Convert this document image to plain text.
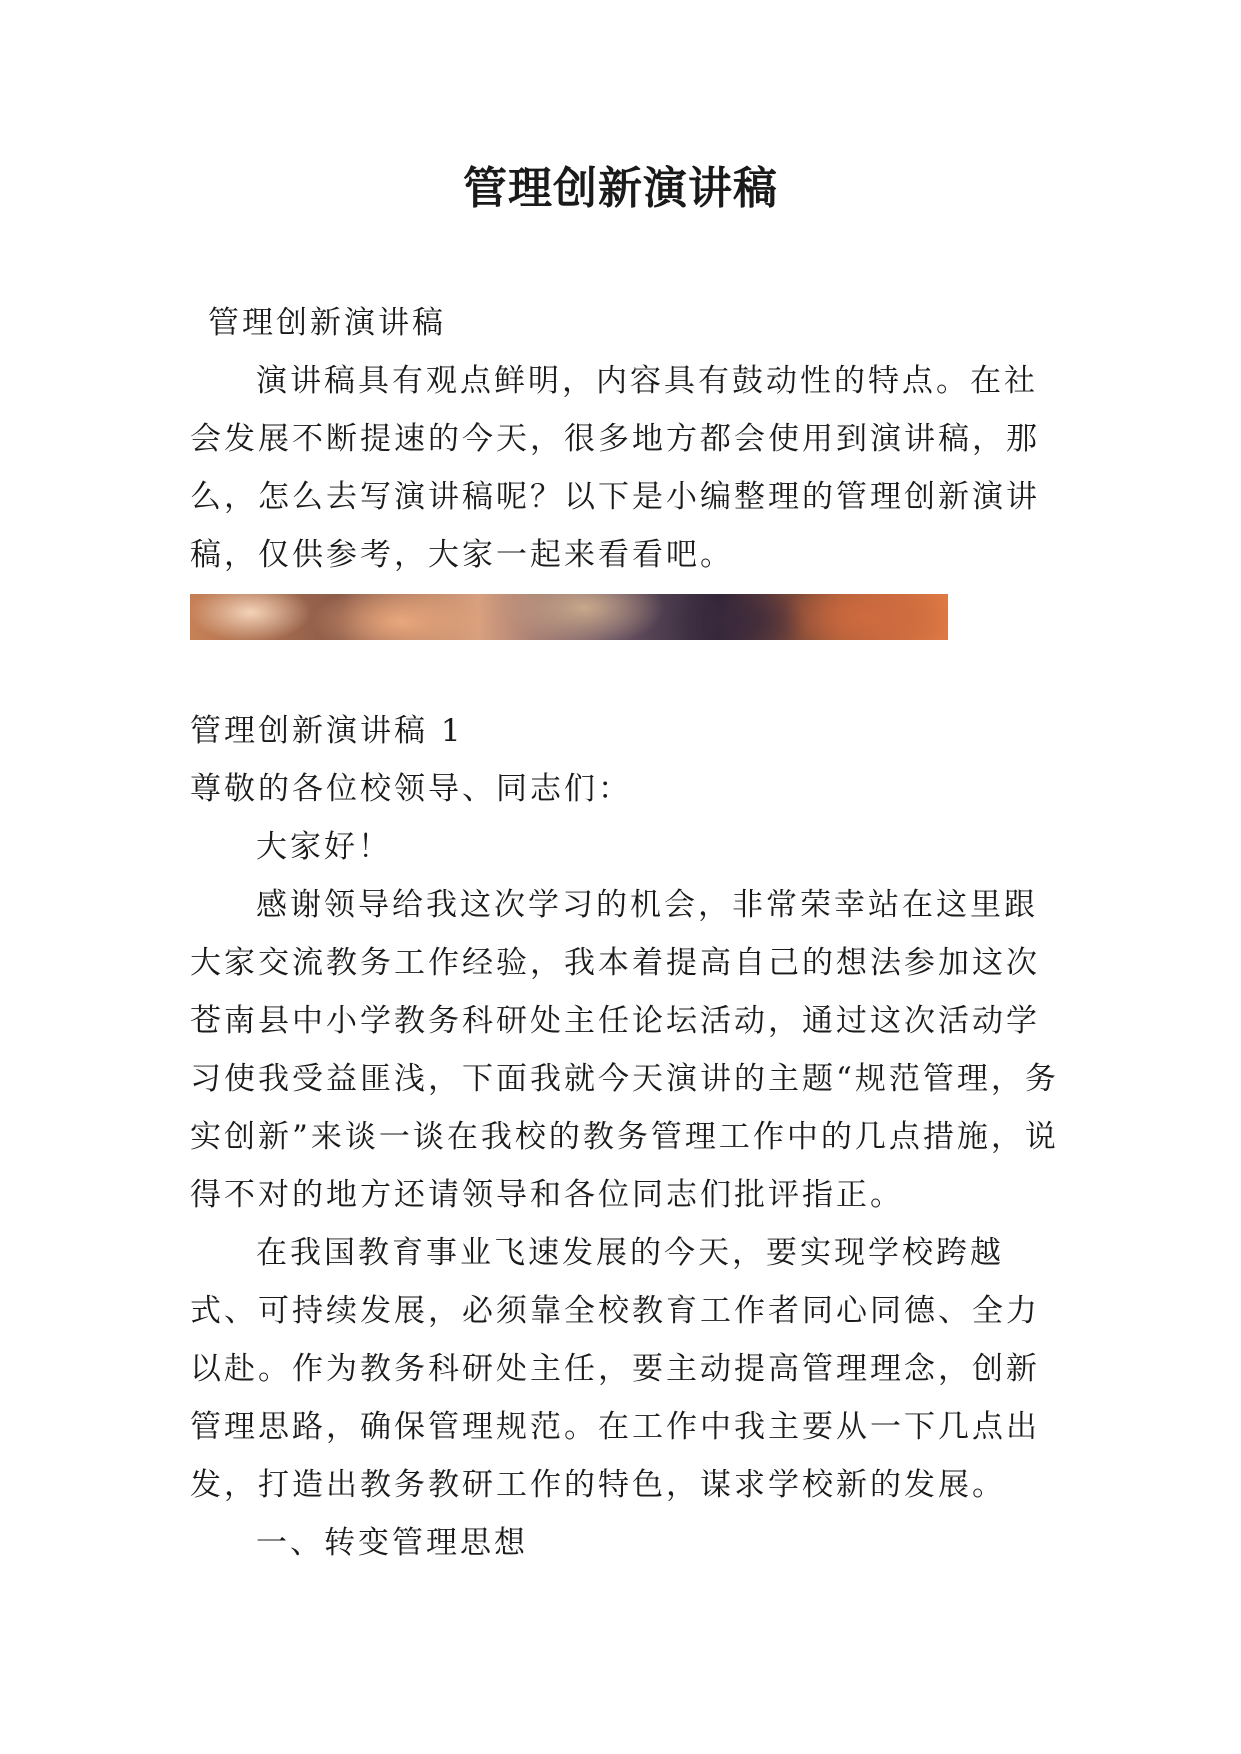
管理创新演讲稿

管理创新演讲稿

演讲稿具有观点鲜明，内容具有鼓动性的特点。在社会发展不断提速的今天，很多地方都会使用到演讲稿，那么，怎么去写演讲稿呢？以下是小编整理的管理创新演讲稿，仅供参考，大家一起来看看吧。

管理创新演讲稿 1

尊敬的各位校领导、同志们：

大家好！

感谢领导给我这次学习的机会，非常荣幸站在这里跟大家交流教务工作经验，我本着提高自己的想法参加这次苍南县中小学教务科研处主任论坛活动，通过这次活动学习使我受益匪浅，下面我就今天演讲的主题“规范管理，务实创新”来谈一谈在我校的教务管理工作中的几点措施，说得不对的地方还请领导和各位同志们批评指正。

在我国教育事业飞速发展的今天，要实现学校跨越式、可持续发展，必须靠全校教育工作者同心同德、全力以赴。作为教务科研处主任，要主动提高管理理念，创新管理思路，确保管理规范。在工作中我主要从一下几点出发，打造出教务教研工作的特色，谋求学校新的发展。

一、转变管理思想
